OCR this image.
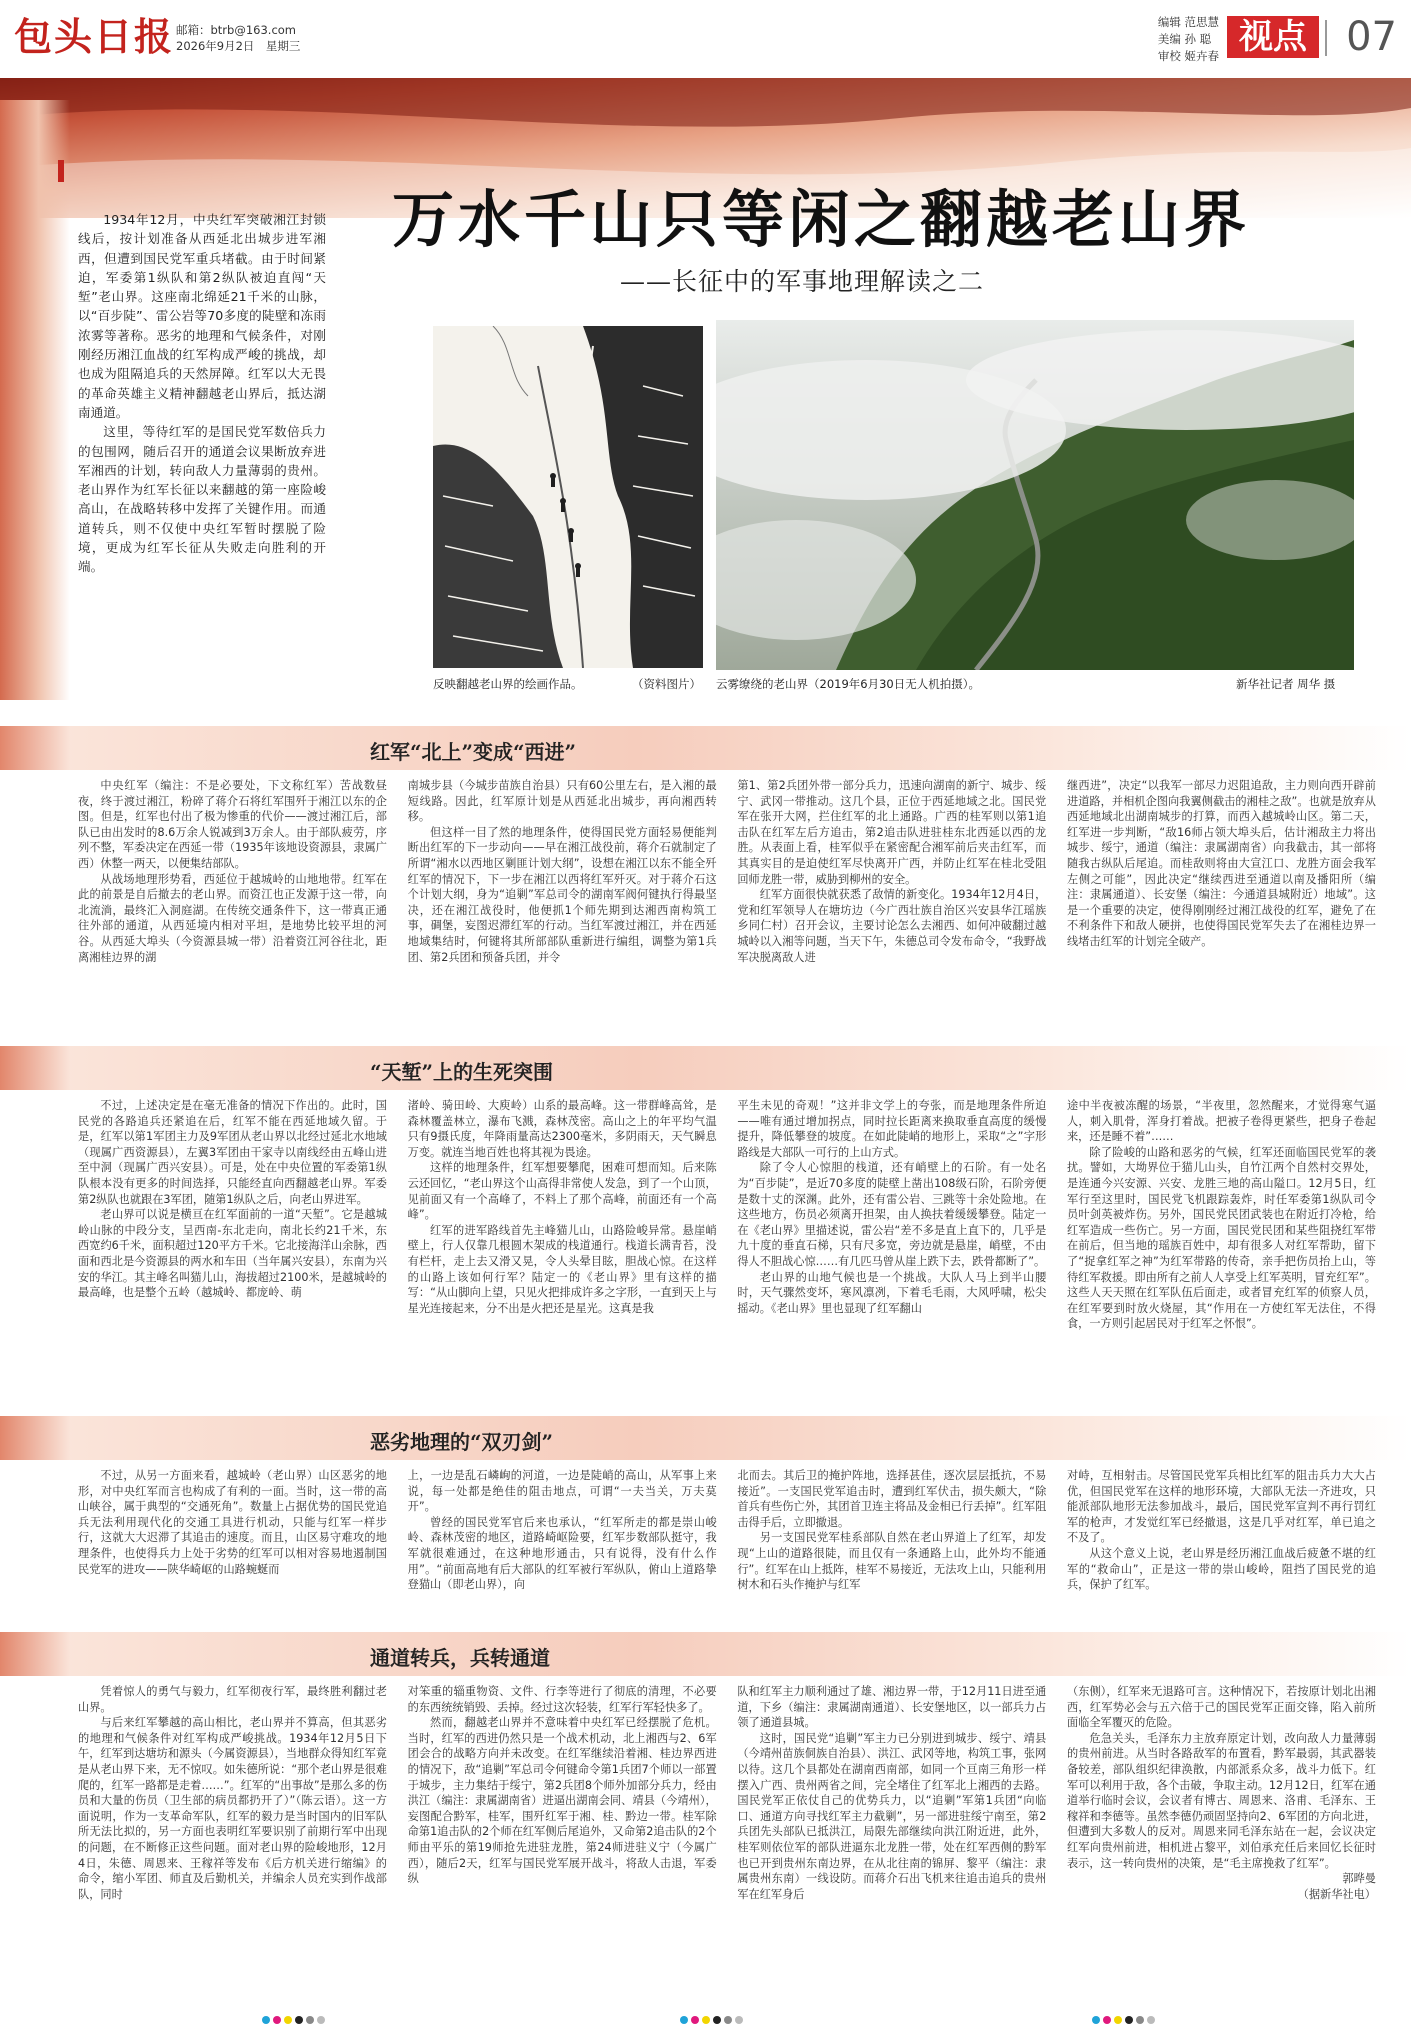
包头日报 邮箱：btrb@163.com
2026年9月2日　星期三
编辑 范思慧
美编 孙 聪
审校 姬卉春 视点 07

1934年12月，中央红军突破湘江封锁线后，按计划准备从西延北出城步进军湘西，但遭到国民党军重兵堵截。由于时间紧迫，军委第1纵队和第2纵队被迫直闯“天堑”老山界。这座南北绵延21千米的山脉，以“百步陡”、雷公岩等70多度的陡壁和冻雨浓雾等著称。恶劣的地理和气候条件，对刚刚经历湘江血战的红军构成严峻的挑战，却也成为阻隔追兵的天然屏障。红军以大无畏的革命英雄主义精神翻越老山界后，抵达湖南通道。

这里，等待红军的是国民党军数倍兵力的包围网，随后召开的通道会议果断放弃进军湘西的计划，转向敌人力量薄弱的贵州。老山界作为红军长征以来翻越的第一座险峻高山，在战略转移中发挥了关键作用。而通道转兵，则不仅使中央红军暂时摆脱了险境，更成为红军长征从失败走向胜利的开端。

万水千山只等闲之翻越老山界
——长征中的军事地理解读之二
反映翻越老山界的绘画作品。	（资料图片） 云雾缭绕的老山界（2019年6月30日无人机拍摄）。	新华社记者 周华 摄
红军“北上”变成“西进”

中央红军（编注：不是必要处，下文称红军）苦战数昼夜，终于渡过湘江，粉碎了蒋介石将红军围歼于湘江以东的企图。但是，红军也付出了极为惨重的代价——渡过湘江后，部队已由出发时的8.6万余人锐减到3万余人。由于部队疲劳，序列不整，军委决定在西延一带（1935年该地设资源县，隶属广西）休整一两天，以便集结部队。

从战场地理形势看，西延位于越城岭的山地地带。红军在此的前景是自后撤去的老山界。而资江也正发源于这一带，向北流淌，最终汇入洞庭湖。在传统交通条件下，这一带真正通往外部的通道，从西延境内相对平坦，是地势比较平坦的河谷。从西延大埠头（今资源县城一带）沿着资江河谷往北，距离湘桂边界的湖

南城步县（今城步苗族自治县）只有60公里左右，是入湘的最短线路。因此，红军原计划是从西延北出城步，再向湘西转移。

但这样一目了然的地理条件，使得国民党方面轻易便能判断出红军的下一步动向——早在湘江战役前，蒋介石就制定了所谓“湘水以西地区剿匪计划大纲”，设想在湘江以东不能全歼红军的情况下，下一步在湘江以西将红军歼灭。对于蒋介石这个计划大纲，身为“追剿”军总司令的湖南军阀何键执行得最坚决，还在湘江战役时，他便抓1个师先期到达湘西南构筑工事，碉堡，妄图迟滞红军的行动。当红军渡过湘江，并在西延地域集结时，何键将其所部部队重新进行编组，调整为第1兵团、第2兵团和预备兵团，并令

第1、第2兵团外带一部分兵力，迅速向湖南的新宁、城步、绥宁、武冈一带推动。这几个县，正位于西延地域之北。国民党军在张开大网，拦住红军的北上通路。广西的桂军则以第1追击队在红军左后方追击，第2追击队进驻桂东北西延以西的龙胜。从表面上看，桂军似乎在紧密配合湘军前后夹击红军，而其真实目的是迫使红军尽快离开广西，并防止红军在桂北受阻回师龙胜一带，威胁到柳州的安全。

红军方面很快就获悉了敌情的新变化。1934年12月4日，党和红军领导人在塘坊边（今广西壮族自治区兴安县华江瑶族乡同仁村）召开会议，主要讨论怎么去湘西、如何冲破翻过越城岭以入湘等问题，当天下午，朱德总司令发布命令，“我野战军决脱离敌人进

继西进”，决定“以我军一部尽力迟阻追敌，主力则向西开辟前进道路，并相机企图向我翼侧截击的湘桂之敌”。也就是放弃从西延地域北出湖南城步的打算，而西入越城岭山区。第二天，红军进一步判断，“敌16师占领大埠头后，估计湘敌主力将出城步、绥宁，通道（编注：隶属湖南省）向我截击，其一部将随我古纵队后尾追。而桂敌则将由大宣江口、龙胜方面会我军左侧之可能”，因此决定“继续西进至通道以南及播阳所（编注：隶属通道）、长安堡（编注：今通道县城附近）地域”。这是一个重要的决定，使得刚刚经过湘江战役的红军，避免了在不利条件下和敌人硬拼，也使得国民党军失去了在湘桂边界一线堵击红军的计划完全破产。

“天堑”上的生死突围

不过，上述决定是在毫无准备的情况下作出的。此时，国民党的各路追兵还紧追在后，红军不能在西延地域久留。于是，红军以第1军团主力及9军团从老山界以北经过延北水地域（现属广西资源县），左翼3军团由干家寺以南线经由五峰山进至中洞（现属广西兴安县）。可是，处在中央位置的军委第1纵队根本没有更多的时间选择，只能经直向西翻越老山界。军委第2纵队也就跟在3军团，随第1纵队之后，向老山界进军。

老山界可以说是横亘在红军面前的一道“天堑”。它是越城岭山脉的中段分支，呈西南-东北走向，南北长约21千米，东西宽约6千米，面积超过120平方千米。它北接海洋山余脉，西面和西北是今资源县的两水和车田（当年属兴安县），东南为兴安的华江。其主峰名叫猫儿山，海拔超过2100米，是越城岭的最高峰，也是整个五岭（越城岭、都庞岭、萌

渚岭、骑田岭、大庾岭）山系的最高峰。这一带群峰高耸，是森林覆盖林立，瀑布飞溅，森林茂密。高山之上的年平均气温只有9摄氏度，年降雨量高达2300毫米，多阴雨天，天气瞬息万变。就连当地百姓也将其视为畏途。

这样的地理条件，红军想要攀爬，困难可想而知。后来陈云还回忆，“老山界这个山高得非常使人发急，到了一个山顶，见前面又有一个高峰了，不料上了那个高峰，前面还有一个高峰”。

红军的进军路线首先主峰猫儿山，山路险峻异常。悬崖峭壁上，行人仅靠几根圆木架成的栈道通行。栈道长满青苔，没有栏杆，走上去又滑又晃，令人头晕目眩，胆战心惊。在这样的山路上该如何行军？陆定一的《老山界》里有这样的描写：“从山脚向上望，只见火把排成许多之字形，一直到天上与星光连接起来，分不出是火把还是星光。这真是我

平生未见的奇观！”这并非文学上的夸张，而是地理条件所迫——唯有通过增加拐点，同时拉长距离来换取垂直高度的缓慢提升，降低攀登的坡度。在如此陡峭的地形上，采取“之”字形路线是大部队一可行的上山方式。

除了令人心惊胆的栈道，还有峭壁上的石阶。有一处名为“百步陡”，是近70多度的陡壁上凿出108级石阶，石阶旁便是数十丈的深渊。此外，还有雷公岩、三跳等十余处险地。在这些地方，伤员必须离开担架，由人换扶着缓缓攀登。陆定一在《老山界》里描述说，雷公岩“差不多是直上直下的，几乎是九十度的垂直石梯，只有尺多宽，旁边就是悬崖，峭壁，不由得人不胆战心惊……有几匹马曾从崖上跌下去，跌骨都断了”。

老山界的山地气候也是一个挑战。大队人马上到半山腰时，天气骤然变坏，寒风凛冽，下着毛毛雨，大风呼啸，松尖摇动。《老山界》里也显现了红军翻山

途中半夜被冻醒的场景，“半夜里，忽然醒来，才觉得寒气逼人，刺入肌骨，浑身打着战。把被子卷得更紧些，把身子卷起来，还是睡不着”……

除了险峻的山路和恶劣的气候，红军还面临国民党军的袭扰。譬如，大坳界位于猫儿山头，自竹江两个自然村交界处，是连通今兴安源、兴安、龙胜三地的高山隘口。12月5日，红军行至这里时，国民党飞机跟踪轰炸，时任军委第1纵队司令员叶剑英被炸伤。另外，国民党民团武装也在附近打冷枪，给红军造成一些伤亡。另一方面，国民党民团和某些阻挠红军带在前后，但当地的瑶族百姓中，却有很多人对红军帮助，留下了“捉拿红军之神”为红军带路的传奇，亲手把伤员抬上山，等待红军救援。即由所有之前人人享受上红军英明，冒充红军”。这些人天天照在红军队伍后面走，或者冒充红军的侦察人员，在红军要到时放火烧屋，其“作用在一方使红军无法住，不得食，一方则引起居民对于红军之怀恨”。

恶劣地理的“双刃剑”

不过，从另一方面来看，越城岭（老山界）山区恶劣的地形，对中央红军而言也构成了有利的一面。当时，这一带的高山峡谷，属于典型的“交通死角”。数量上占据优势的国民党追兵无法利用现代化的交通工具进行机动，只能与红军一样步行，这就大大迟滞了其追击的速度。而且，山区易守难攻的地理条件，也使得兵力上处于劣势的红军可以相对容易地遏制国民党军的进攻——陕华崎岖的山路蜿蜒而

上，一边是乱石嶙峋的河道，一边是陡峭的高山，从军事上来说，每一处都是绝佳的阻击地点，可谓“一夫当关，万夫莫开”。

曾经的国民党军官后来也承认，“红军所走的都是崇山峻岭、森林茂密的地区，道路崎岖险要，红军步数部队挺守，我军就很难通过，在这种地形通击，只有说得，没有什么作用”。“前面高地有后大部队的红军被行军纵队，俯山上道路挚登猫山（即老山界），向

北而去。其后卫的掩护阵地，选择甚佳，逐次层层抵抗，不易接近”。一支国民党军追击时，遭到红军伏击，损失颇大，“除首兵有些伤亡外，其团首卫连主将品及金相已行丢掉”。红军阻击得手后，立即撤退。

另一支国民党军桂系部队自然在老山界道上了红军，却发现“上山的道路很陡，而且仅有一条通路上山，此外均不能通行”。红军在山上抵阵，桂军不易接近，无法攻上山，只能利用树木和石头作掩护与红军

对峙，互相射击。尽管国民党军兵相比红军的阻击兵力大大占优，但国民党军在这样的地形环境，大部队无法一齐进攻，只能派部队地形无法参加战斗，最后，国民党军宣判不再行罚红军的枪声，才发觉红军已经撤退，这是几乎对红军，单已追之不及了。

从这个意义上说，老山界是经历湘江血战后疲惫不堪的红军的“救命山”，正是这一带的崇山峻岭，阻挡了国民党的追兵，保护了红军。

通道转兵，兵转通道

凭着惊人的勇气与毅力，红军彻夜行军，最终胜利翻过老山界。

与后来红军攀越的高山相比，老山界并不算高，但其恶劣的地理和气候条件对红军构成严峻挑战。1934年12月5日下午，红军到达塘坊和源头（今属资源县），当地群众得知红军竟是从老山界下来，无不惊叹。如朱德所说：“那个老山界是很难爬的，红军一路都是走着……”。红军的“出事故”是那么多的伤员和大量的伤员（卫生部的病员都扔开了）”（陈云语）。这一方面说明，作为一支革命军队，红军的毅力是当时国内的旧军队所无法比拟的，另一方面也表明红军要识别了前期行军中出现的问题，在不断修正这些问题。面对老山界的险峻地形，12月4日，朱德、周恩来、王稼祥等发布《后方机关进行缩编》的命令，缩小军团、师直及后勤机关，并编余人员充实到作战部队，同时

对笨重的辎重物资、文件、行李等进行了彻底的清理，不必要的东西统统销毁、丢掉。经过这次轻装，红军行军轻快多了。

然而，翻越老山界并不意味着中央红军已经摆脱了危机。当时，红军的西进仍然只是一个战术机动，北上湘西与2、6军团会合的战略方向并未改变。在红军继续沿着湘、桂边界西进的情况下，敌“追剿”军总司令何键命令第1兵团7个师以一部置于城步，主力集结于绥宁，第2兵团8个师外加部分兵力，经由洪江（编注：隶属湖南省）进逼出湖南会同、靖县（今靖州），妄图配合黔军，桂军，围歼红军于湘、桂、黔边一带。桂军除命第1追击队的2个师在红军侧后尾追外，又命第2追击队的2个师由平乐的第19师抢先进驻龙胜，第24师进驻义宁（今属广西），随后2天，红军与国民党军展开战斗，将敌人击退，军委纵

队和红军主力顺利通过了雄、湘边界一带，于12月11日进至通道，下乡（编注：隶属湖南通道）、长安堡地区，以一部兵力占领了通道县城。

这时，国民党“追剿”军主力已分别进到城步、绥宁、靖县（今靖州苗族侗族自治县）、洪江、武冈等地，构筑工事，张网以待。这几个县都处在湖南西南部，如同一个亘南三角形一样摆入广西、贵州两省之间，完全堵住了红军北上湘西的去路。国民党军正依仗自己的优势兵力，以“追剿”军第1兵团“向临口、通道方向寻找红军主力截剿”，另一部进驻绥宁南至，第2兵团先头部队已抵洪江，局限先部继续向洪江附近进，此外，桂军则依位军的部队进逼东北龙胜一带，处在红军西侧的黔军也已开到贵州东南边界，在从北往南的锦屏、黎平（编注：隶属贵州东南）一线设防。而蒋介石出飞机来往追击追兵的贵州军在红军身后

（东侧），红军来无退路可言。这种情况下，若按原计划北出湘西，红军势必会与五六倍于己的国民党军正面交锋，陷入前所面临全军覆灭的危险。

危急关头，毛泽东力主放弃原定计划，改向敌人力量薄弱的贵州前进。从当时各路敌军的布置看，黔军最弱，其武器装备较差，部队组织纪律涣散，内部派系众多，战斗力低下。红军可以利用于敌，各个击破，争取主动。12月12日，红军在通道举行临时会议，会议者有博古、周恩来、洛甫、毛泽东、王稼祥和李德等。虽然李德仍顽固坚持向2、6军团的方向北进，但遭到大多数人的反对。周恩来同毛泽东站在一起，会议决定红军向贵州前进，相机进占黎平，刘伯承充任后来回忆长征时表示，这一转向贵州的决策，是“毛主席挽救了红军”。

郭晔曼

（据新华社电）
